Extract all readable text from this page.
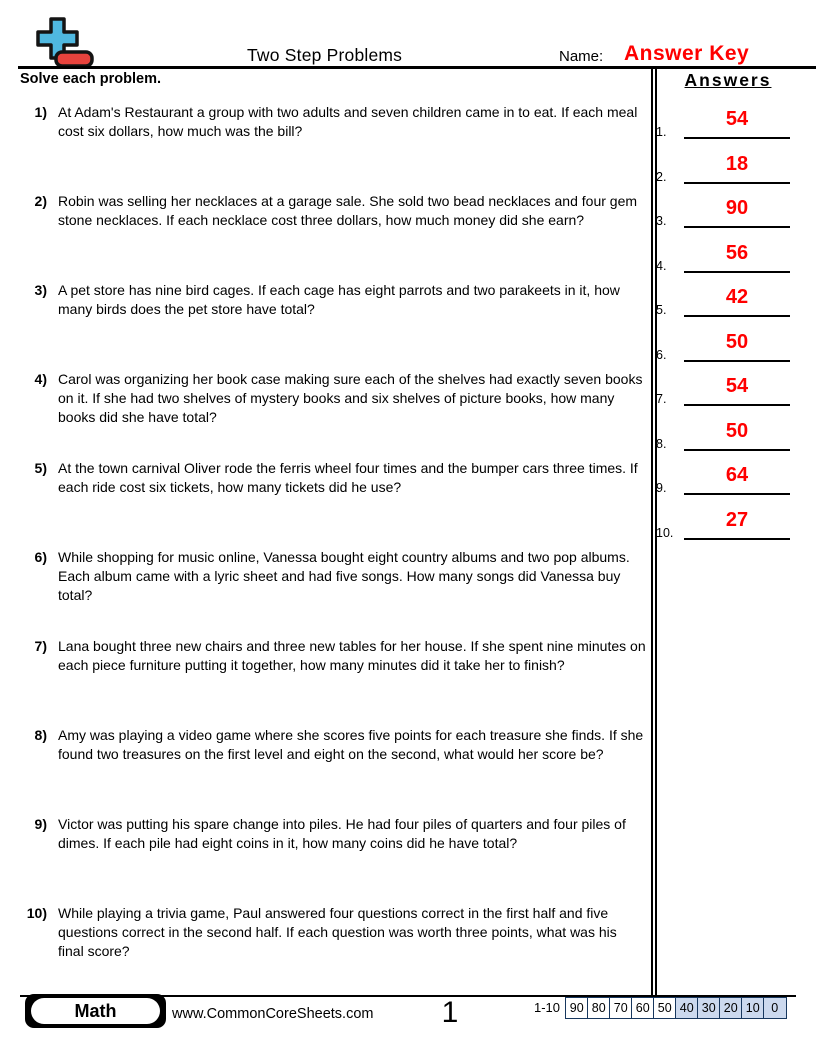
Two Step Problems	Name: Answer Key
Solve each problem.
1) At Adam's Restaurant a group with two adults and seven children came in to eat. If each meal cost six dollars, how much was the bill?
2) Robin was selling her necklaces at a garage sale. She sold two bead necklaces and four gem stone necklaces. If each necklace cost three dollars, how much money did she earn?
3) A pet store has nine bird cages. If each cage has eight parrots and two parakeets in it, how many birds does the pet store have total?
4) Carol was organizing her book case making sure each of the shelves had exactly seven books on it. If she had two shelves of mystery books and six shelves of picture books, how many books did she have total?
5) At the town carnival Oliver rode the ferris wheel four times and the bumper cars three times. If each ride cost six tickets, how many tickets did he use?
6) While shopping for music online, Vanessa bought eight country albums and two pop albums. Each album came with a lyric sheet and had five songs. How many songs did Vanessa buy total?
7) Lana bought three new chairs and three new tables for her house. If she spent nine minutes on each piece furniture putting it together, how many minutes did it take her to finish?
8) Amy was playing a video game where she scores five points for each treasure she finds. If she found two treasures on the first level and eight on the second, what would her score be?
9) Victor was putting his spare change into piles. He had four piles of quarters and four piles of dimes. If each pile had eight coins in it, how many coins did he have total?
10) While playing a trivia game, Paul answered four questions correct in the first half and five questions correct in the second half. If each question was worth three points, what was his final score?
Answers
1.
54
2.
18
3.
90
4.
56
5.
42
6.
50
7.
54
8.
50
9.
64
10.
27
Math	www.CommonCoreSheets.com	1	1-10 90 80 70 60 50 40 30 20 10 0
